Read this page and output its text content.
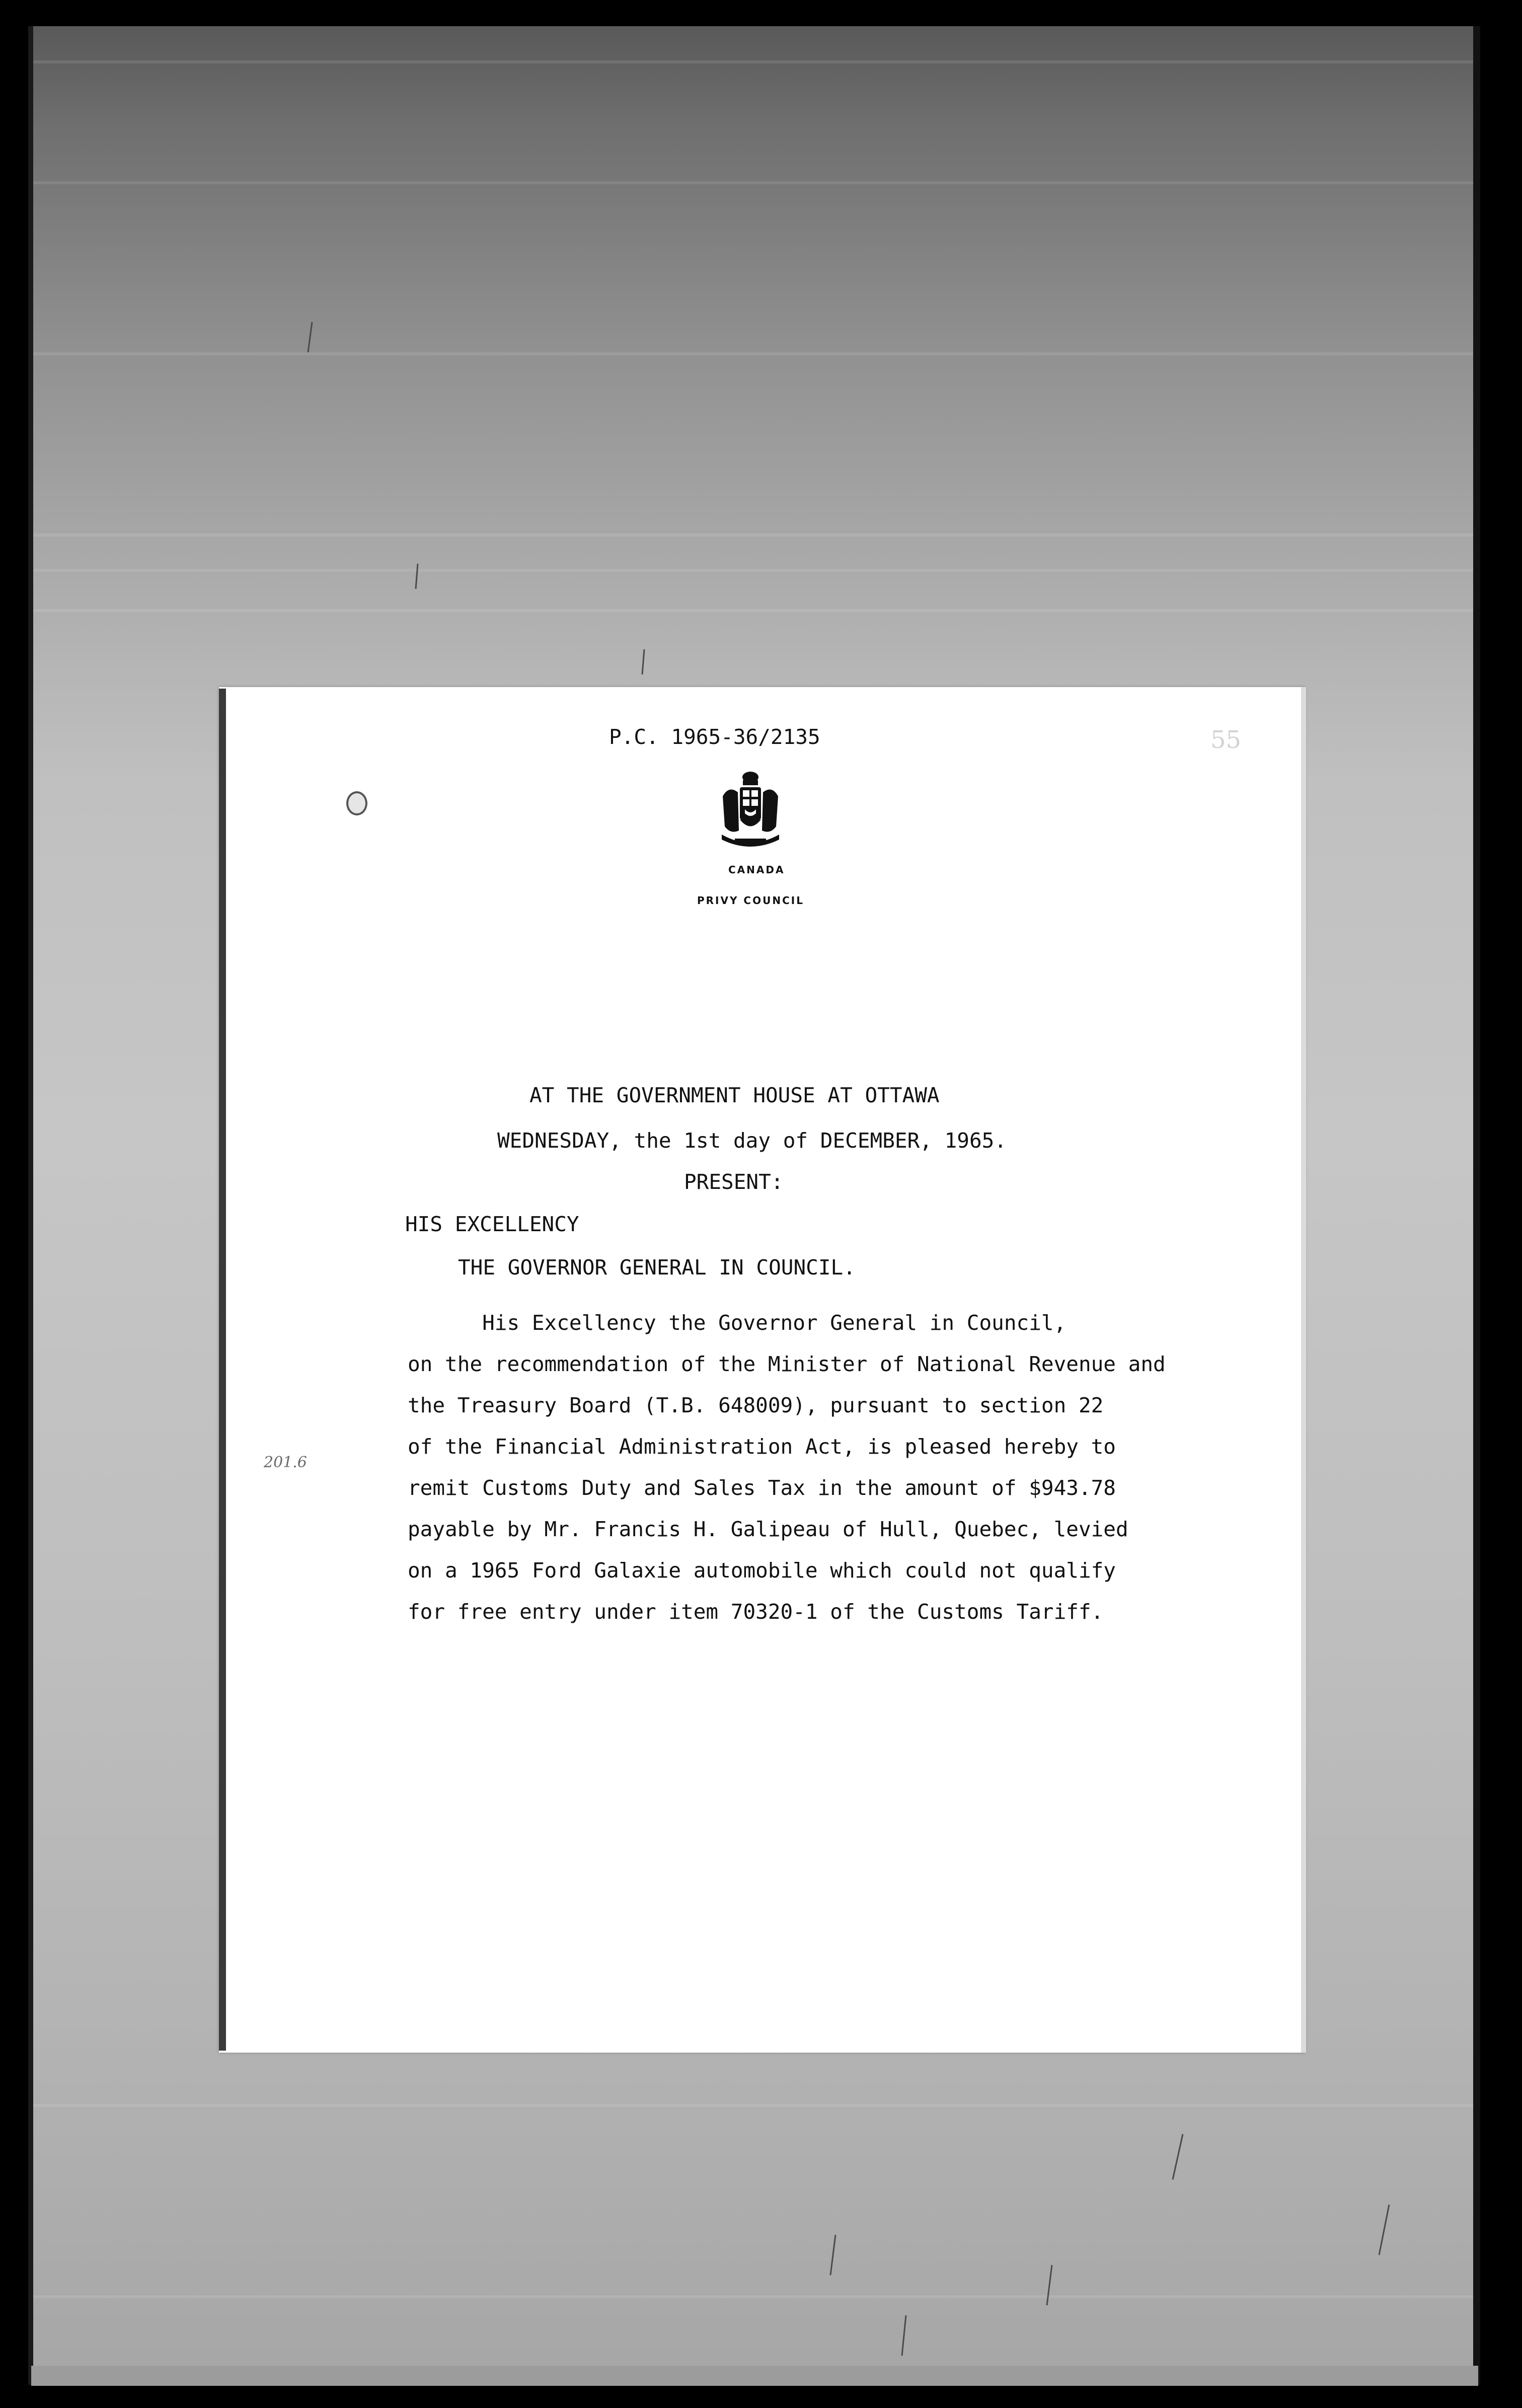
P.C. 1965-36/2135	55

CANADA

PRIVY COUNCIL

AT THE GOVERNMENT HOUSE AT OTTAWA

WEDNESDAY, the 1st day of DECEMBER, 1965.

PRESENT:

HIS EXCELLENCY

THE GOVERNOR GENERAL IN COUNCIL.

His Excellency the Governor General in Council,
on the recommendation of the Minister of National Revenue and
the Treasury Board (T.B. 648009), pursuant to section 22
of the Financial Administration Act, is pleased hereby to
remit Customs Duty and Sales Tax in the amount of $943.78
payable by Mr. Francis H. Galipeau of Hull, Quebec, levied
on a 1965 Ford Galaxie automobile which could not qualify
for free entry under item 70320-1 of the Customs Tariff.

201.6
